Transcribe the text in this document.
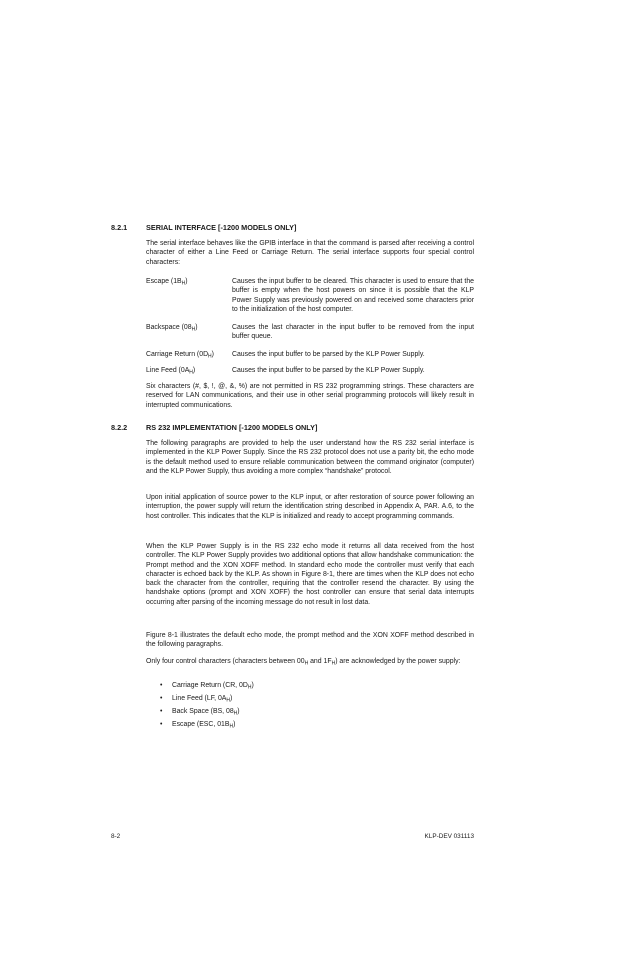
8.2.1	SERIAL INTERFACE [-1200 MODELS ONLY]

The serial interface behaves like the GPIB interface in that the command is parsed after receiving a control character of either a Line Feed or Carriage Return. The serial interface supports four special control characters:

Escape $(1B_H)$	Causes the input buffer to be cleared. This character is used to ensure that the buffer is empty when the host powers on since it is possible that the KLP Power Supply was previously powered on and received some characters prior to the initialization of the host computer.
Backspace $(08_H)$	Causes the last character in the input buffer to be removed from the input buffer queue.
Carriage Return $(0D_H)$	Causes the input buffer to be parsed by the KLP Power Supply.
Line Feed $(0A_H)$	Causes the input buffer to be parsed by the KLP Power Supply.

Six characters (#, $, !, @, &, %) are not permitted in RS 232 programming strings. These characters are reserved for LAN communications, and their use in other serial programming protocols will likely result in interrupted communications.

8.2.2	RS 232 IMPLEMENTATION [-1200 MODELS ONLY]

The following paragraphs are provided to help the user understand how the RS 232 serial interface is implemented in the KLP Power Supply. Since the RS 232 protocol does not use a parity bit, the echo mode is the default method used to ensure reliable communication between the command originator (computer) and the KLP Power Supply, thus avoiding a more complex “handshake” protocol.

Upon initial application of source power to the KLP input, or after restoration of source power following an interruption, the power supply will return the identification string described in Appendix A, PAR. A.6, to the host controller. This indicates that the KLP is initialized and ready to accept programming commands.

When the KLP Power Supply is in the RS 232 echo mode it returns all data received from the host controller. The KLP Power Supply provides two additional options that allow handshake communication: the Prompt method and the XON XOFF method. In standard echo mode the controller must verify that each character is echoed back by the KLP. As shown in Figure 8-1, there are times when the KLP does not echo back the character from the controller, requiring that the controller resend the character. By using the handshake options (prompt and XON XOFF) the host controller can ensure that serial data interrupts occurring after parsing of the incoming message do not result in lost data.

Figure 8-1 illustrates the default echo mode, the prompt method and the XON XOFF method described in the following paragraphs.

Only four control characters (characters between $00_H$ and $1F_H$) are acknowledged by the power supply:

• Carriage Return (CR, $0D_H$)
• Line Feed (LF, $0A_H$)
• Back Space (BS, $08_H$)
• Escape (ESC, $01B_H$)
8-2	KLP-DEV 031113
